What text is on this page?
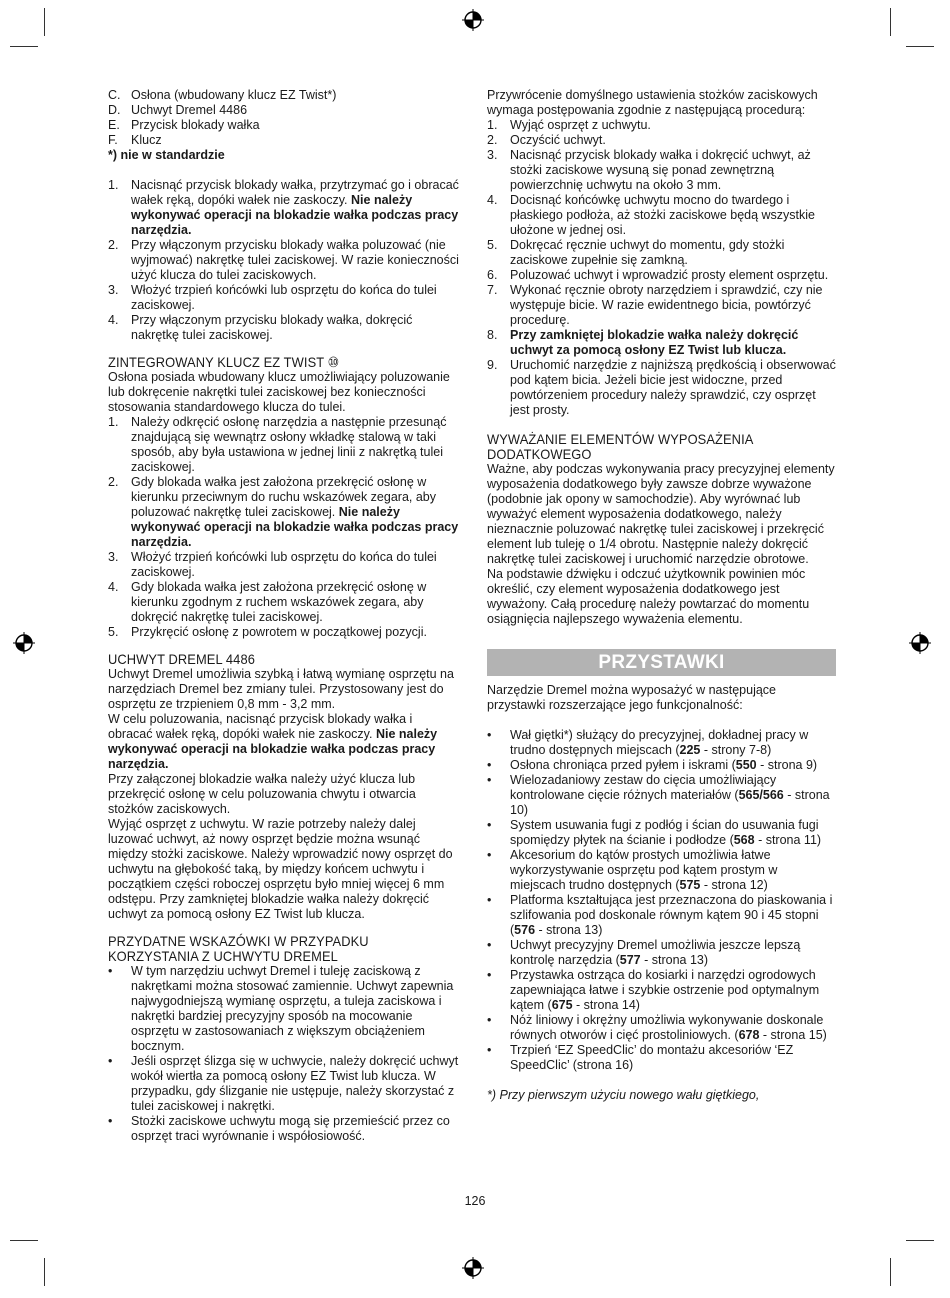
C. Osłona (wbudowany klucz EZ Twist*)
D. Uchwyt Dremel 4486
E. Przycisk blokady wałka
F.	Klucz

*) nie w standardzie

1.	Nacisnąć przycisk blokady wałka, przytrzymać go i obracać wałek ręką, dopóki wałek nie zaskoczy. Nie należy wykonywać operacji na blokadzie wałka podczas pracy narzędzia.
2.	Przy włączonym przycisku blokady wałka poluzować (nie wyjmować) nakrętkę tulei zaciskowej. W razie konieczności użyć klucza do tulei zaciskowych.
3.	Włożyć trzpień końcówki lub osprzętu do końca do tulei zaciskowej.
4.	Przy włączonym przycisku blokady wałka, dokręcić nakrętkę tulei zaciskowej.
ZINTEGROWANY KLUCZ EZ TWIST ⑩

Osłona posiada wbudowany klucz umożliwiający poluzowanie lub dokręcenie nakrętki tulei zaciskowej bez konieczności stosowania standardowego klucza do tulei.

1.	Należy odkręcić osłonę narzędzia a następnie przesunąć znajdującą się wewnątrz osłony wkładkę stalową w taki sposób, aby była ustawiona w jednej linii z nakrętką tulei zaciskowej.
2.	Gdy blokada wałka jest założona przekręcić osłonę w kierunku przeciwnym do ruchu wskazówek zegara, aby poluzować nakrętkę tulei zaciskowej. Nie należy wykonywać operacji na blokadzie wałka podczas pracy narzędzia.
3.	Włożyć trzpień końcówki lub osprzętu do końca do tulei zaciskowej.
4.	Gdy blokada wałka jest założona przekręcić osłonę w kierunku zgodnym z ruchem wskazówek zegara, aby dokręcić nakrętkę tulei zaciskowej.
5.	Przykręcić osłonę z powrotem w początkowej pozycji.
UCHWYT DREMEL 4486

Uchwyt Dremel umożliwia szybką i łatwą wymianę osprzętu na narzędziach Dremel bez zmiany tulei. Przystosowany jest do osprzętu ze trzpieniem 0,8 mm - 3,2 mm.

W celu poluzowania, nacisnąć przycisk blokady wałka i obracać wałek ręką, dopóki wałek nie zaskoczy. Nie należy wykonywać operacji na blokadzie wałka podczas pracy narzędzia.

Przy załączonej blokadzie wałka należy użyć klucza lub przekręcić osłonę w celu poluzowania chwytu i otwarcia stożków zaciskowych.

Wyjąć osprzęt z uchwytu. W razie potrzeby należy dalej luzować uchwyt, aż nowy osprzęt będzie można wsunąć między stożki zaciskowe. Należy wprowadzić nowy osprzęt do uchwytu na głębokość taką, by między końcem uchwytu i początkiem części roboczej osprzętu było mniej więcej 6 mm odstępu. Przy zamkniętej blokadzie wałka należy dokręcić uchwyt za pomocą osłony EZ Twist lub klucza.

PRZYDATNE WSKAZÓWKI W PRZYPADKU
KORZYSTANIA Z UCHWYTU DREMEL
•	W tym narzędziu uchwyt Dremel i tuleję zaciskową z nakrętkami można stosować zamiennie. Uchwyt zapewnia najwygodniejszą wymianę osprzętu, a tuleja zaciskowa i nakrętki bardziej precyzyjny sposób na mocowanie osprzętu w zastosowaniach z większym obciążeniem bocznym.
•	Jeśli osprzęt ślizga się w uchwycie, należy dokręcić uchwyt wokół wiertła za pomocą osłony EZ Twist lub klucza. W przypadku, gdy ślizganie nie ustępuje, należy skorzystać z tulei zaciskowej i nakrętki.
•	Stożki zaciskowe uchwytu mogą się przemieścić przez co osprzęt traci wyrównanie i współosiowość.

Przywrócenie domyślnego ustawienia stożków zaciskowych wymaga postępowania zgodnie z następującą procedurą:

1.	Wyjąć osprzęt z uchwytu.
2.	Oczyścić uchwyt.
3.	Nacisnąć przycisk blokady wałka i dokręcić uchwyt, aż stożki zaciskowe wysuną się ponad zewnętrzną powierzchnię uchwytu na około 3 mm.
4.	Docisnąć końcówkę uchwytu mocno do twardego i płaskiego podłoża, aż stożki zaciskowe będą wszystkie ułożone w jednej osi.
5.	Dokręcać ręcznie uchwyt do momentu, gdy stożki zaciskowe zupełnie się zamkną.
6.	Poluzować uchwyt i wprowadzić prosty element osprzętu.
7.	Wykonać ręcznie obroty narzędziem i sprawdzić, czy nie występuje bicie. W razie ewidentnego bicia, powtórzyć procedurę.
8.	Przy zamkniętej blokadzie wałka należy dokręcić uchwyt za pomocą osłony EZ Twist lub klucza.
9.	Uruchomić narzędzie z najniższą prędkością i obserwować pod kątem bicia. Jeżeli bicie jest widoczne, przed powtórzeniem procedury należy sprawdzić, czy osprzęt jest prosty.
WYWAŻANIE ELEMENTÓW WYPOSAŻENIA
DODATKOWEGO

Ważne, aby podczas wykonywania pracy precyzyjnej elementy wyposażenia dodatkowego były zawsze dobrze wyważone (podobnie jak opony w samochodzie). Aby wyrównać lub wyważyć element wyposażenia dodatkowego, należy nieznacznie poluzować nakrętkę tulei zaciskowej i przekręcić element lub tuleję o 1/4 obrotu. Następnie należy dokręcić nakrętkę tulei zaciskowej i uruchomić narzędzie obrotowe.

Na podstawie dźwięku i odczuć użytkownik powinien móc określić, czy element wyposażenia dodatkowego jest wyważony. Całą procedurę należy powtarzać do momentu osiągnięcia najlepszego wyważenia elementu.

PRZYSTAWKI

Narzędzie Dremel można wyposażyć w następujące przystawki rozszerzające jego funkcjonalność:

•	Wał giętki*) służący do precyzyjnej, dokładnej pracy w trudno dostępnych miejscach (225 - strony 7-8)
•	Osłona chroniąca przed pyłem i iskrami (550 - strona 9)
•	Wielozadaniowy zestaw do cięcia umożliwiający kontrolowane cięcie różnych materiałów (565/566 - strona 10)
•	System usuwania fugi z podłóg i ścian do usuwania fugi spomiędzy płytek na ścianie i podłodze (568 - strona 11)
•	Akcesorium do kątów prostych umożliwia łatwe wykorzystywanie osprzętu pod kątem prostym w miejscach trudno dostępnych (575 - strona 12)
•	Platforma kształtująca jest przeznaczona do piaskowania i szlifowania pod doskonale równym kątem 90 i 45 stopni (576 - strona 13)
•	Uchwyt precyzyjny Dremel umożliwia jeszcze lepszą kontrolę narzędzia (577 - strona 13)
•	Przystawka ostrząca do kosiarki i narzędzi ogrodowych zapewniająca łatwe i szybkie ostrzenie pod optymalnym kątem (675 - strona 14)
•	Nóż liniowy i okrężny umożliwia wykonywanie doskonale równych otworów i cięć prostoliniowych. (678 - strona 15)
•	Trzpień ‘EZ SpeedClic’ do montażu akcesoriów ‘EZ SpeedClic’ (strona 16)

*) Przy pierwszym użyciu nowego wału giętkiego,

126
